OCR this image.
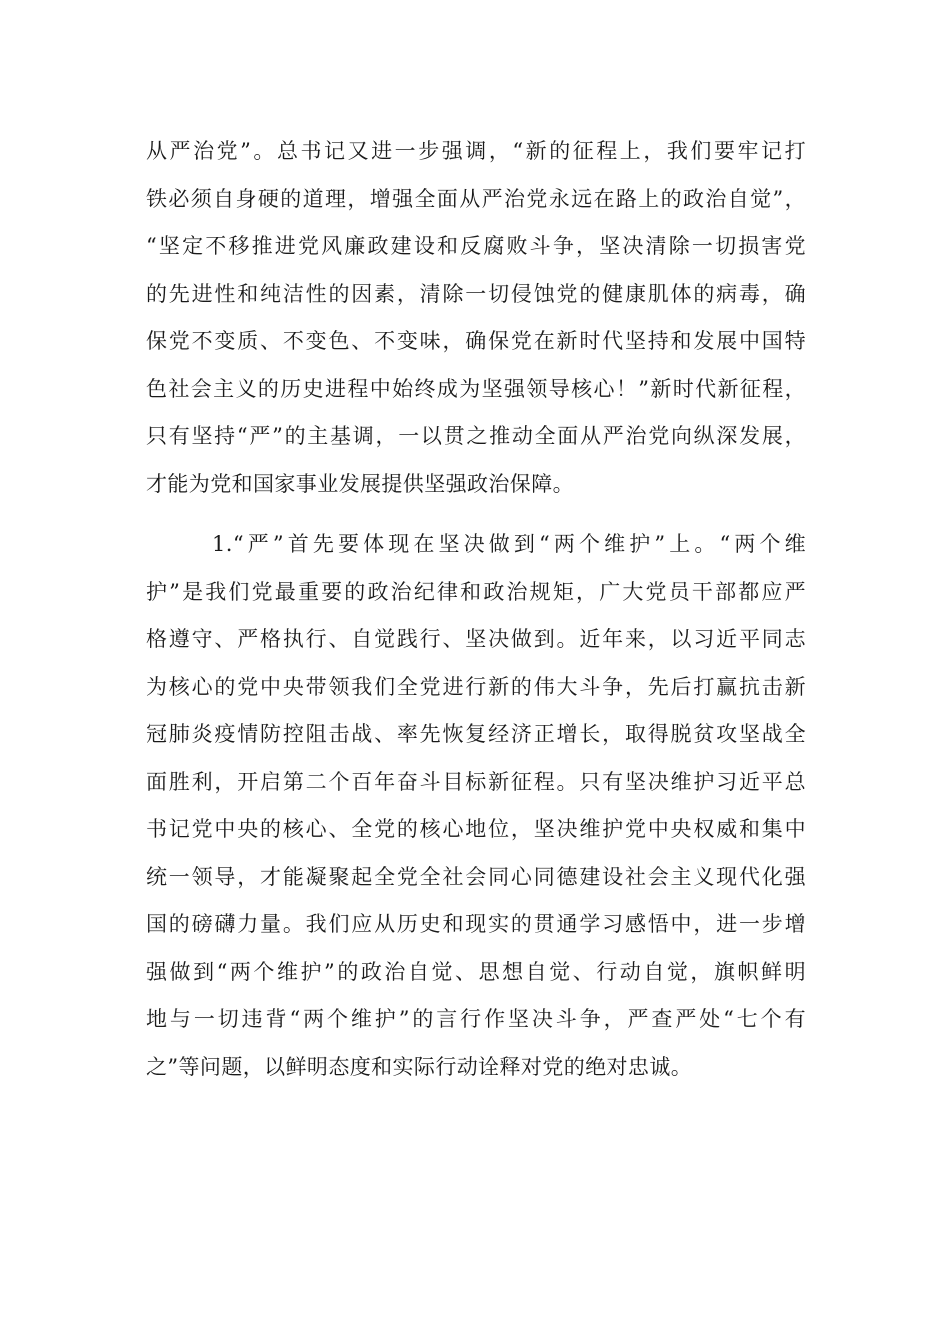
从严治党”。总书记又进一步强调，“新的征程上，我们要牢记打
铁必须自身硬的道理，增强全面从严治党永远在路上的政治自觉”，
“坚定不移推进党风廉政建设和反腐败斗争，坚决清除一切损害党
的先进性和纯洁性的因素，清除一切侵蚀党的健康肌体的病毒，确
保党不变质、不变色、不变味，确保党在新时代坚持和发展中国特
色社会主义的历史进程中始终成为坚强领导核心！”新时代新征程，
只有坚持“严”的主基调，一以贯之推动全面从严治党向纵深发展，
才能为党和国家事业发展提供坚强政治保障。
1.“严”首先要体现在坚决做到“两个维护”上。“两个维
护”是我们党最重要的政治纪律和政治规矩，广大党员干部都应严
格遵守、严格执行、自觉践行、坚决做到。近年来，以习近平同志
为核心的党中央带领我们全党进行新的伟大斗争，先后打赢抗击新
冠肺炎疫情防控阻击战、率先恢复经济正增长，取得脱贫攻坚战全
面胜利，开启第二个百年奋斗目标新征程。只有坚决维护习近平总
书记党中央的核心、全党的核心地位，坚决维护党中央权威和集中
统一领导，才能凝聚起全党全社会同心同德建设社会主义现代化强
国的磅礴力量。我们应从历史和现实的贯通学习感悟中，进一步增
强做到“两个维护”的政治自觉、思想自觉、行动自觉，旗帜鲜明
地与一切违背“两个维护”的言行作坚决斗争，严查严处“七个有
之”等问题，以鲜明态度和实际行动诠释对党的绝对忠诚。
